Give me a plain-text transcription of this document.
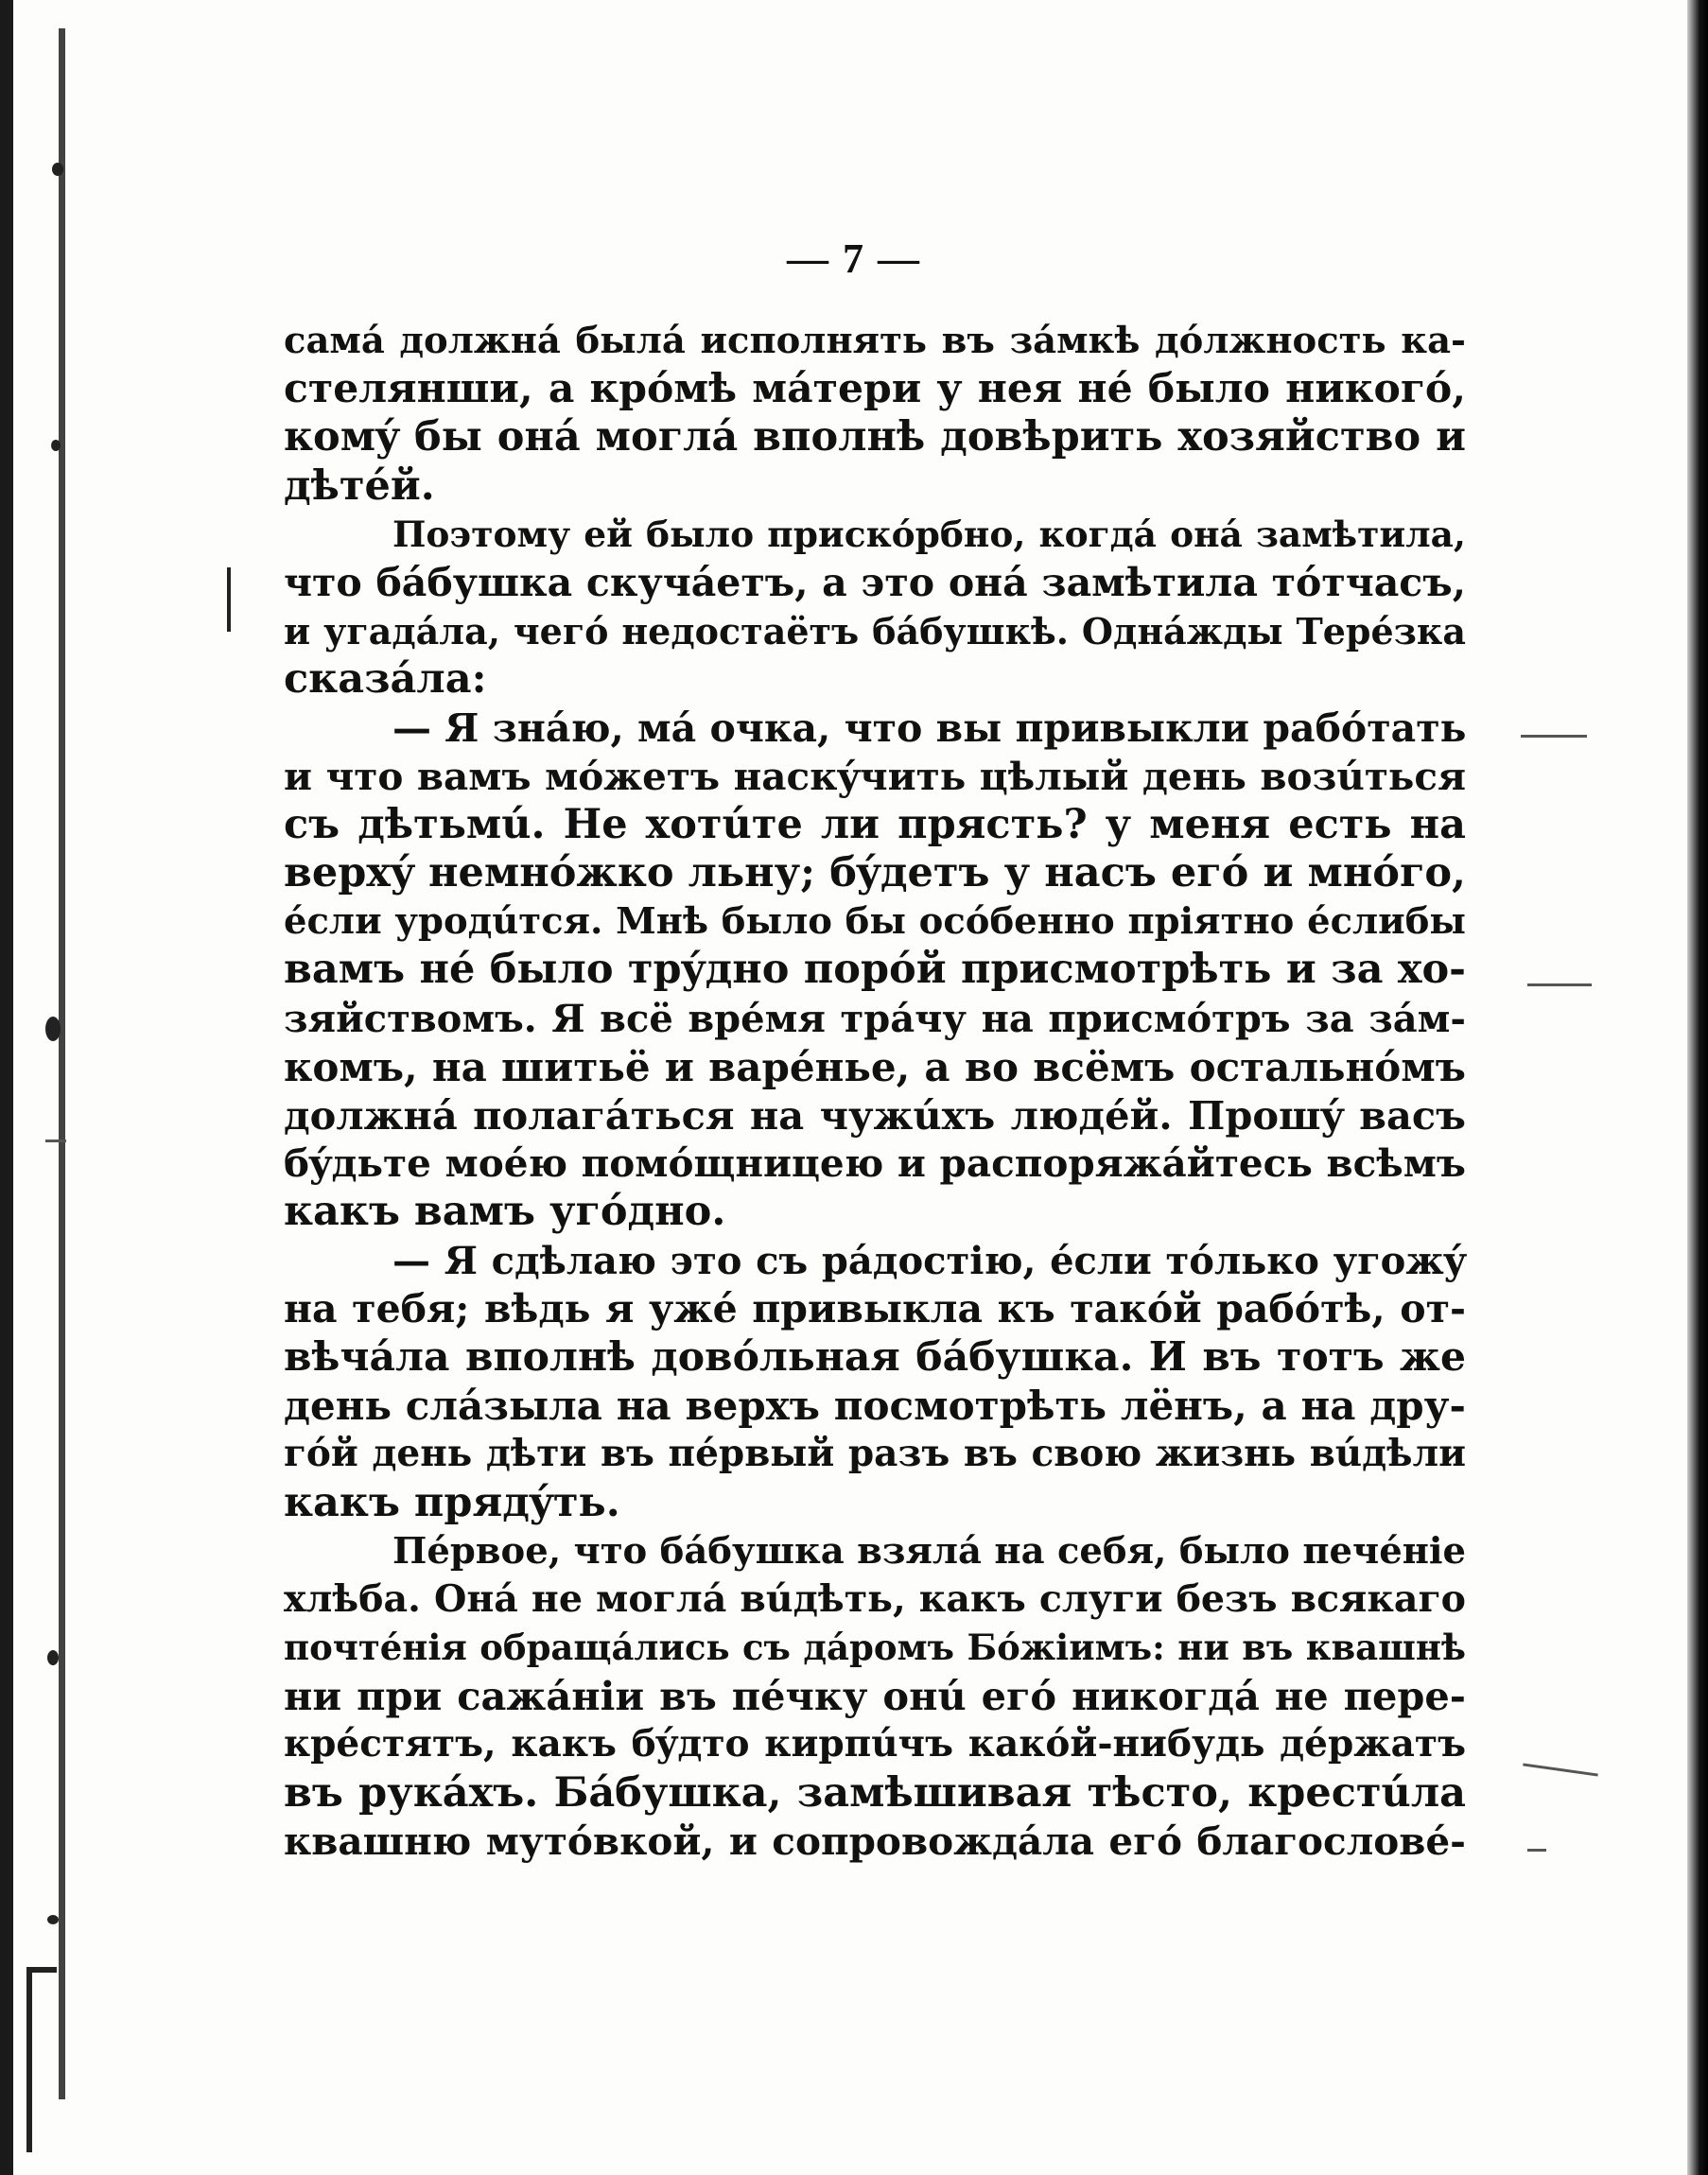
— 7 —

самá должнá былá исполнять въ зáмкѣ дóлжность ка-
стелянши, а крóмѣ мáтери у нея нé было никогó,
комý бы онá моглá вполнѣ довѣрить хозяйство и
дѣтéй.

Поэтому ей было прискóрбно, когдá онá замѣтила,
что бáбушка скучáетъ, а это онá замѣтила тóтчасъ,
и угадáла, чегó недостаётъ бáбушкѣ. Однáжды Терéзка
сказáла:

— Я знáю, мá очка, что вы привыкли рабóтать
и что вамъ мóжетъ наскýчить цѣлый день возúться
съ дѣтьмú. Не хотúте ли прясть? у меня есть на
верхý немнóжко льну; бýдетъ у насъ егó и мнóго,
éсли уродúтся. Мнѣ было бы осóбенно прiятно éслибы
вамъ нé было трýдно порóй присмотрѣть и за хо-
зяйствомъ. Я всё врéмя трáчу на присмóтръ за зáм-
комъ, на шитьё и варéнье, а во всёмъ остальнóмъ
должнá полагáться на чужúхъ людéй. Прошý васъ
бýдьте моéю помóщницею и распоряжáйтесь всѣмъ
какъ вамъ угóдно.

— Я сдѣлаю это съ рáдостiю, éсли тóлько угожý
на тебя; вѣдь я ужé привыкла къ такóй рабóтѣ, от-
вѣчáла вполнѣ довóльная бáбушка. И въ тотъ же
день слáзыла на верхъ посмотрѣть лёнъ, а на дру-
гóй день дѣти въ пéрвый разъ въ свою жизнь вúдѣли
какъ прядýть.

Пéрвое, что бáбушка взялá на себя, было печéнiе
хлѣба. Онá не моглá вúдѣть, какъ слуги безъ всякаго
почтéнiя обращáлись съ дáромъ Бóжiимъ: ни въ квашнѣ
ни при сажáнiи въ пéчку онú егó никогдá не пере-
крéстятъ, какъ бýдто кирпúчъ какóй-нибудь дéржатъ
въ рукáхъ. Бáбушка, замѣшивая тѣсто, крестúла
квашню мутóвкой, и сопровождáла егó благословé-
